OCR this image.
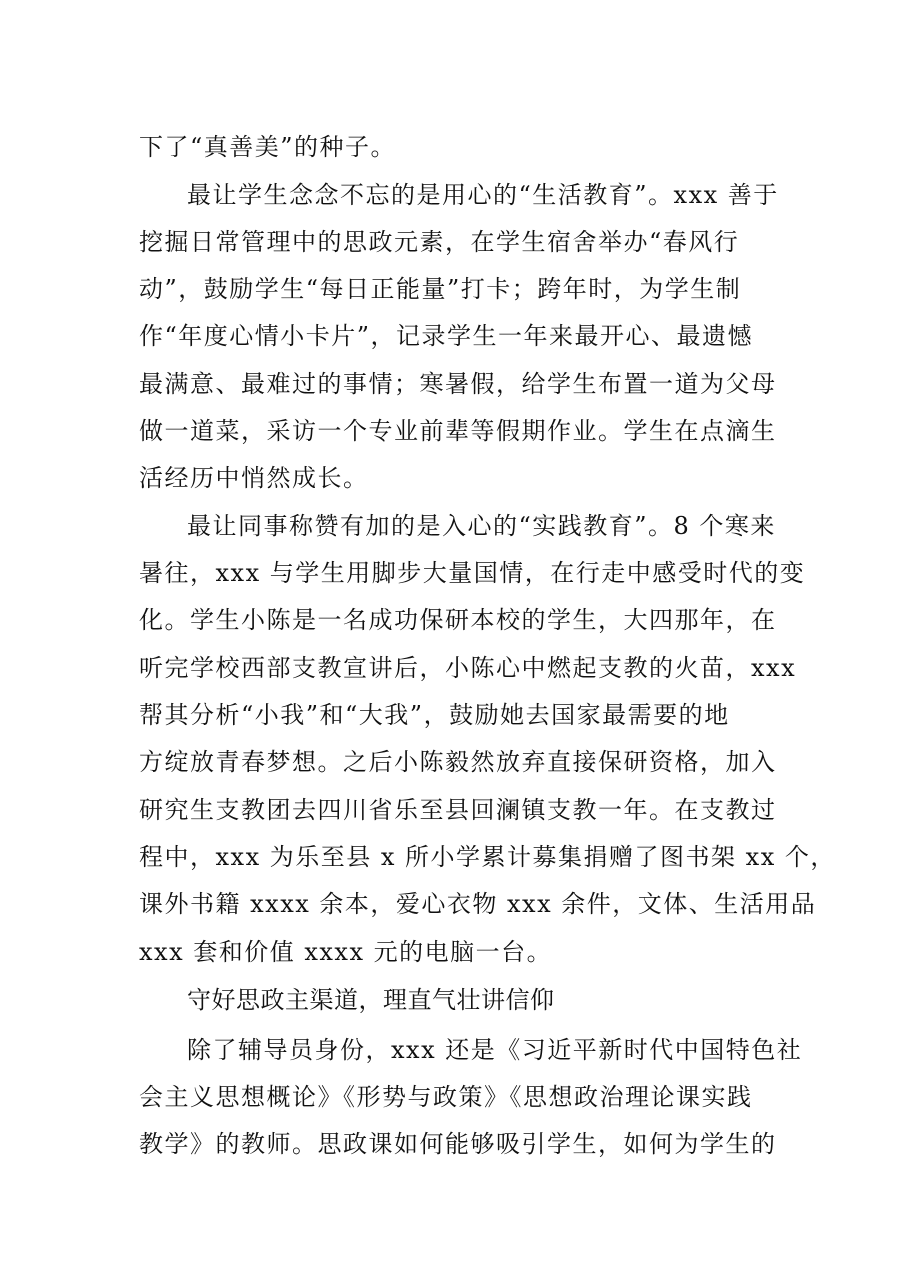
下了“真善美”的种子。
最让学生念念不忘的是用心的“生活教育”。xxx 善于
挖掘日常管理中的思政元素，在学生宿舍举办“春风行
动”，鼓励学生“每日正能量”打卡；跨年时，为学生制
作“年度心情小卡片”，记录学生一年来最开心、最遗憾
最满意、最难过的事情；寒暑假，给学生布置一道为父母
做一道菜，采访一个专业前辈等假期作业。学生在点滴生
活经历中悄然成长。
最让同事称赞有加的是入心的“实践教育”。8 个寒来
暑往，xxx 与学生用脚步大量国情，在行走中感受时代的变
化。学生小陈是一名成功保研本校的学生，大四那年，在
听完学校西部支教宣讲后，小陈心中燃起支教的火苗，xxx
帮其分析“小我”和“大我”，鼓励她去国家最需要的地
方绽放青春梦想。之后小陈毅然放弃直接保研资格，加入
研究生支教团去四川省乐至县回澜镇支教一年。在支教过
程中，xxx 为乐至县 x 所小学累计募集捐赠了图书架 xx 个，
课外书籍 xxxx 余本，爱心衣物 xxx 余件，文体、生活用品
xxx 套和价值 xxxx 元的电脑一台。
守好思政主渠道，理直气壮讲信仰
除了辅导员身份，xxx 还是《习近平新时代中国特色社
会主义思想概论》《形势与政策》《思想政治理论课实践
教学》的教师。思政课如何能够吸引学生，如何为学生的
